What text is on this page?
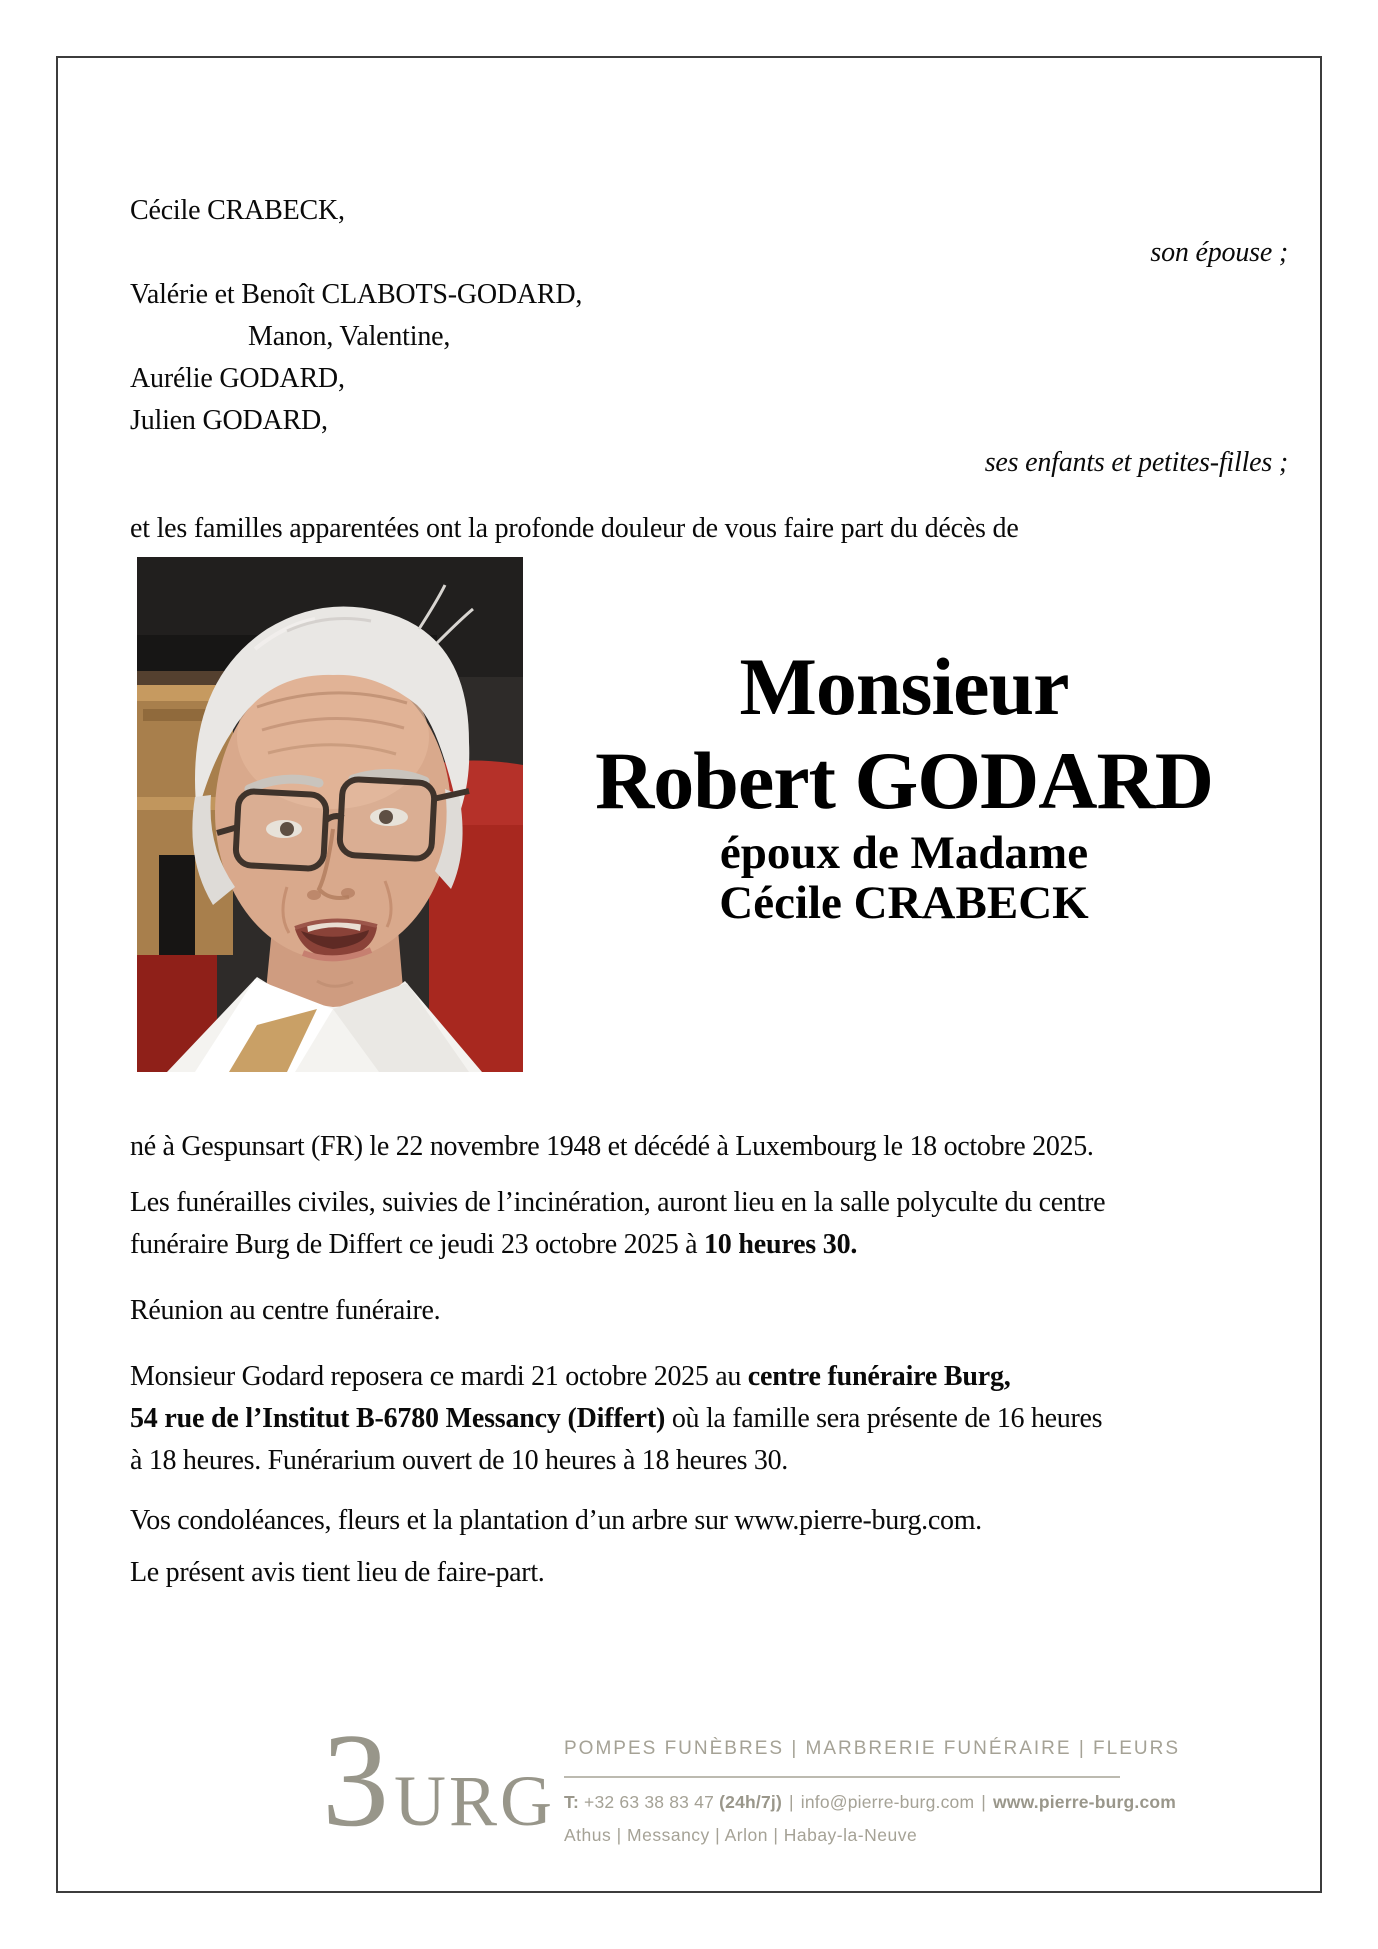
Cécile CRABECK,
son épouse ;
Valérie et Benoît CLABOTS-GODARD,
Manon, Valentine,
Aurélie GODARD,
Julien GODARD,
ses enfants et petites-filles ;
et les familles apparentées ont la profonde douleur de vous faire part du décès de
Monsieur
Robert GODARD
époux de Madame
Cécile CRABECK

né à Gespunsart (FR) le 22 novembre 1948 et décédé à Luxembourg le 18 octobre 2025.

Les funérailles civiles, suivies de l’incinération, auront lieu en la salle polyculte du centre
funéraire Burg de Differt ce jeudi 23 octobre 2025 à 10 heures 30.

Réunion au centre funéraire.

Monsieur Godard reposera ce mardi 21 octobre 2025 au centre funéraire Burg,
54 rue de l’Institut B-6780 Messancy (Differt) où la famille sera présente de 16 heures
à 18 heures. Funérarium ouvert de 10 heures à 18 heures 30.

Vos condoléances, fleurs et la plantation d’un arbre sur www.pierre-burg.com.

Le présent avis tient lieu de faire-part.

3 URG
POMPES FUNÈBRES | MARBRERIE FUNÉRAIRE | FLEURS
T: +32 63 38 83 47 (24h/7j) | info@pierre-burg.com | www.pierre-burg.com
Athus | Messancy | Arlon | Habay-la-Neuve
